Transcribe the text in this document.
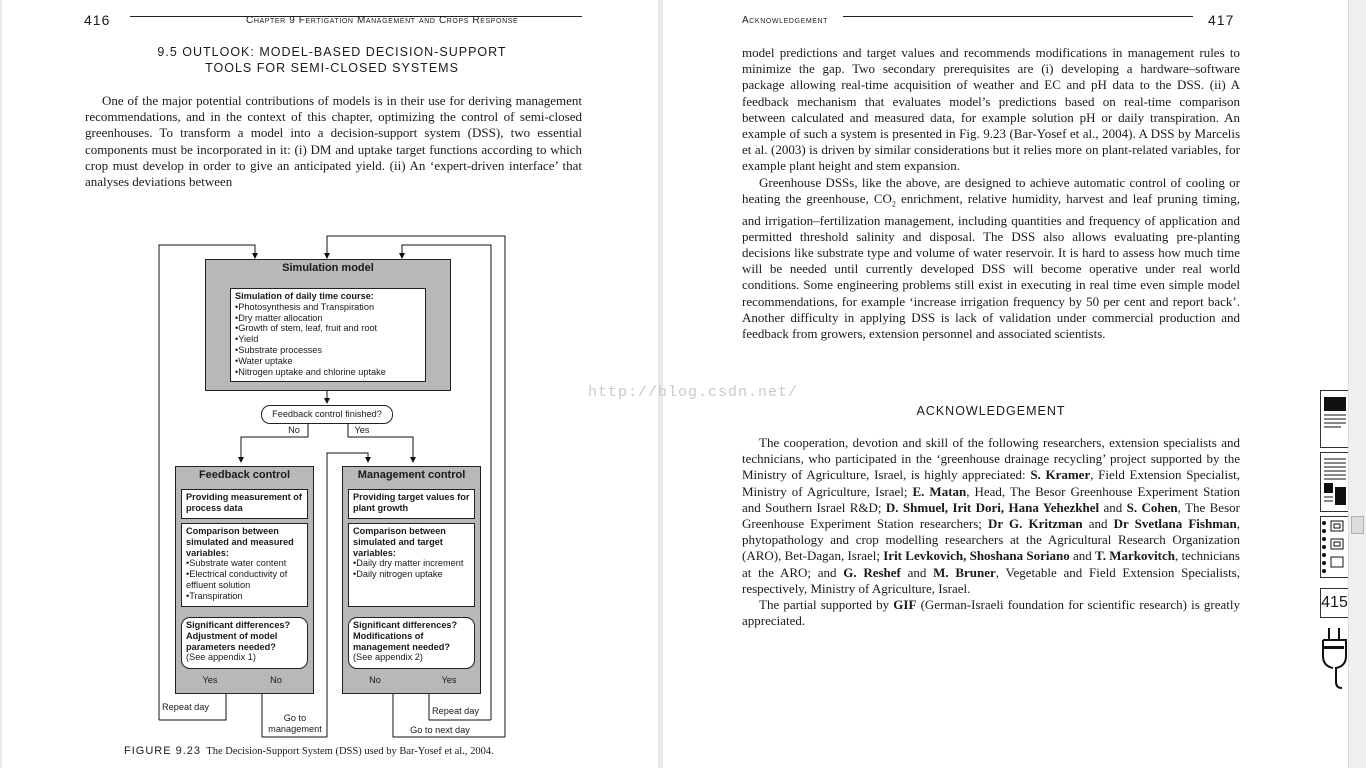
416	Chapter 9 Fertigation Management and Crops Response
9.5 OUTLOOK: MODEL-BASED DECISION-SUPPORT
TOOLS FOR SEMI-CLOSED SYSTEMS

One of the major potential contributions of models is in their use for deriving management recommendations, and in the context of this chapter, optimizing the control of semi-closed greenhouses. To transform a model into a decision-support system (DSS), two essential components must be incorporated in it: (i) DM and uptake target functions according to which crop must develop in order to give an anticipated yield. (ii) An ‘expert-driven interface’ that analyses deviations between

Simulation model
Simulation of daily time course:
• Photosynthesis and Transpiration
• Dry matter allocation
• Growth of stem, leaf, fruit and root
• Yield
• Substrate processes
• Water uptake
• Nitrogen uptake and chlorine uptake
Feedback control finished?
No	Yes
Feedback control
Providing measurement of process data
Comparison between simulated and measured variables:
• Substrate water content
• Electrical conductivity of effluent solution
• Transpiration
Significant differences? Adjustment of model parameters needed?
(See appendix 1)
Yes	No
Management control
Providing target values for plant growth
Comparison between simulated and target variables:
• Daily dry matter increment
• Daily nitrogen uptake
Significant differences? Modifications of management needed?
(See appendix 2)
No	Yes
Repeat day
Go to management
Repeat day
Go to next day
FIGURE 9.23 The Decision-Support System (DSS) used by Bar-Yosef et al., 2004.
Acknowledgement	417

model predictions and target values and recommends modifications in management rules to minimize the gap. Two secondary prerequisites are (i) developing a hardware–software package allowing real-time acquisition of weather and EC and pH data to the DSS. (ii) A feedback mechanism that evaluates model’s predictions based on real-time comparison between calculated and measured data, for example solution pH or daily transpiration. An example of such a system is presented in Fig. 9.23 (Bar-Yosef et al., 2004). A DSS by Marcelis et al. (2003) is driven by similar considerations but it relies more on plant-related variables, for example plant height and stem expansion.

Greenhouse DSSs, like the above, are designed to achieve automatic control of cooling or heating the greenhouse, $CO_2$ enrichment, relative humidity, harvest and leaf pruning timing, and irrigation–fertilization management, including quantities and frequency of application and permitted threshold salinity and disposal. The DSS also allows evaluating pre-planting decisions like substrate type and volume of water reservoir. It is hard to assess how much time will be needed until currently developed DSS will become operative under real world conditions. Some engineering problems still exist in executing in real time even simple model recommendations, for example ‘increase irrigation frequency by 50 per cent and report back’. Another difficulty in applying DSS is lack of validation under commercial production and feedback from growers, extension personnel and associated scientists.

ACKNOWLEDGEMENT

The cooperation, devotion and skill of the following researchers, extension specialists and technicians, who participated in the ‘greenhouse drainage recycling’ project supported by the Ministry of Agriculture, Israel, is highly appreciated: S. Kramer, Field Extension Specialist, Ministry of Agriculture, Israel; E. Matan, Head, The Besor Greenhouse Experiment Station and Southern Israel R&D; D. Shmuel, Irit Dori, Hana Yehezkhel and S. Cohen, The Besor Greenhouse Experiment Station researchers; Dr G. Kritzman and Dr Svetlana Fishman, phytopathology and crop modelling researchers at the Agricultural Research Organization (ARO), Bet-Dagan, Israel; Irit Levkovich, Shoshana Soriano and T. Markovitch, technicians at the ARO; and G. Reshef and M. Bruner, Vegetable and Field Extension Specialists, respectively, Ministry of Agriculture, Israel.

The partial supported by GIF (German-Israeli foundation for scientific research) is greatly appreciated.

http://blog.csdn.net/
415
